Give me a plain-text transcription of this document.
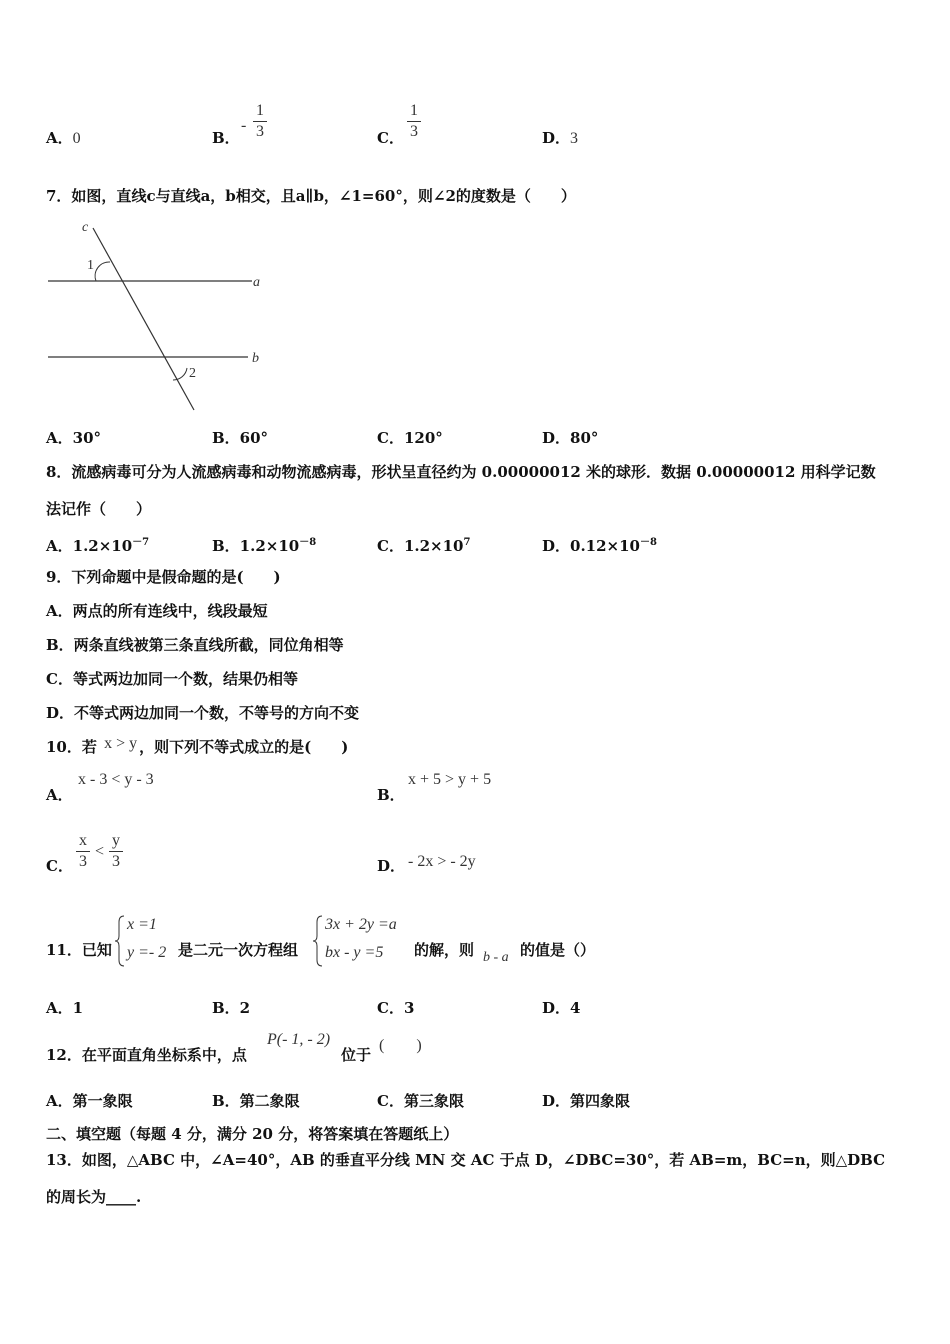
A．0	B．
-
1
3	C．
1
3	D．3
7．如图，直线c与直线a，b相交，且a∥b，∠1=60°，则∠2的度数是（　　）
c
1
a
b
2
A．30°	B．60°	C．120°	D．80°
8．流感病毒可分为人流感病毒和动物流感病毒，形状呈直径约为 0.00000012 米的球形．数据 0.00000012 用科学记数
法记作（　　）
A．$1.2\times 10^{-7}$	B．$1.2\times 10^{-8}$	C．$1.2\times 10^7$	D．$0.12\times 10^{-8}$
9．下列命题中是假命题的是(　　)
A．两点的所有连线中，线段最短
B．两条直线被第三条直线所截，同位角相等
C．等式两边加同一个数，结果仍相等
D．不等式两边加同一个数，不等号的方向不变
10．若 x > y ，则下列不等式成立的是(　　)
A．
x - 3 < y - 3
B．
x + 5 > y + 5
C．
x
3
<
y
3	D． - 2x > - 2y
11．已知
x =1
y =- 2 是二元一次方程组
3x + 2y =a
bx - y =5 的解，则 b - a 的值是（）
A．1	B．2	C．3	D．4
12．在平面直角坐标系中，点
P(- 1, - 2)
位于
(　　)
A．第一象限	B．第二象限	C．第三象限	D．第四象限
二、填空题（每题 4 分，满分 20 分，将答案填在答题纸上）
13．如图，△ABC 中，∠A=40°，AB 的垂直平分线 MN 交 AC 于点 D，∠DBC=30°，若 AB=m，BC=n，则△DBC
的周长为____.
